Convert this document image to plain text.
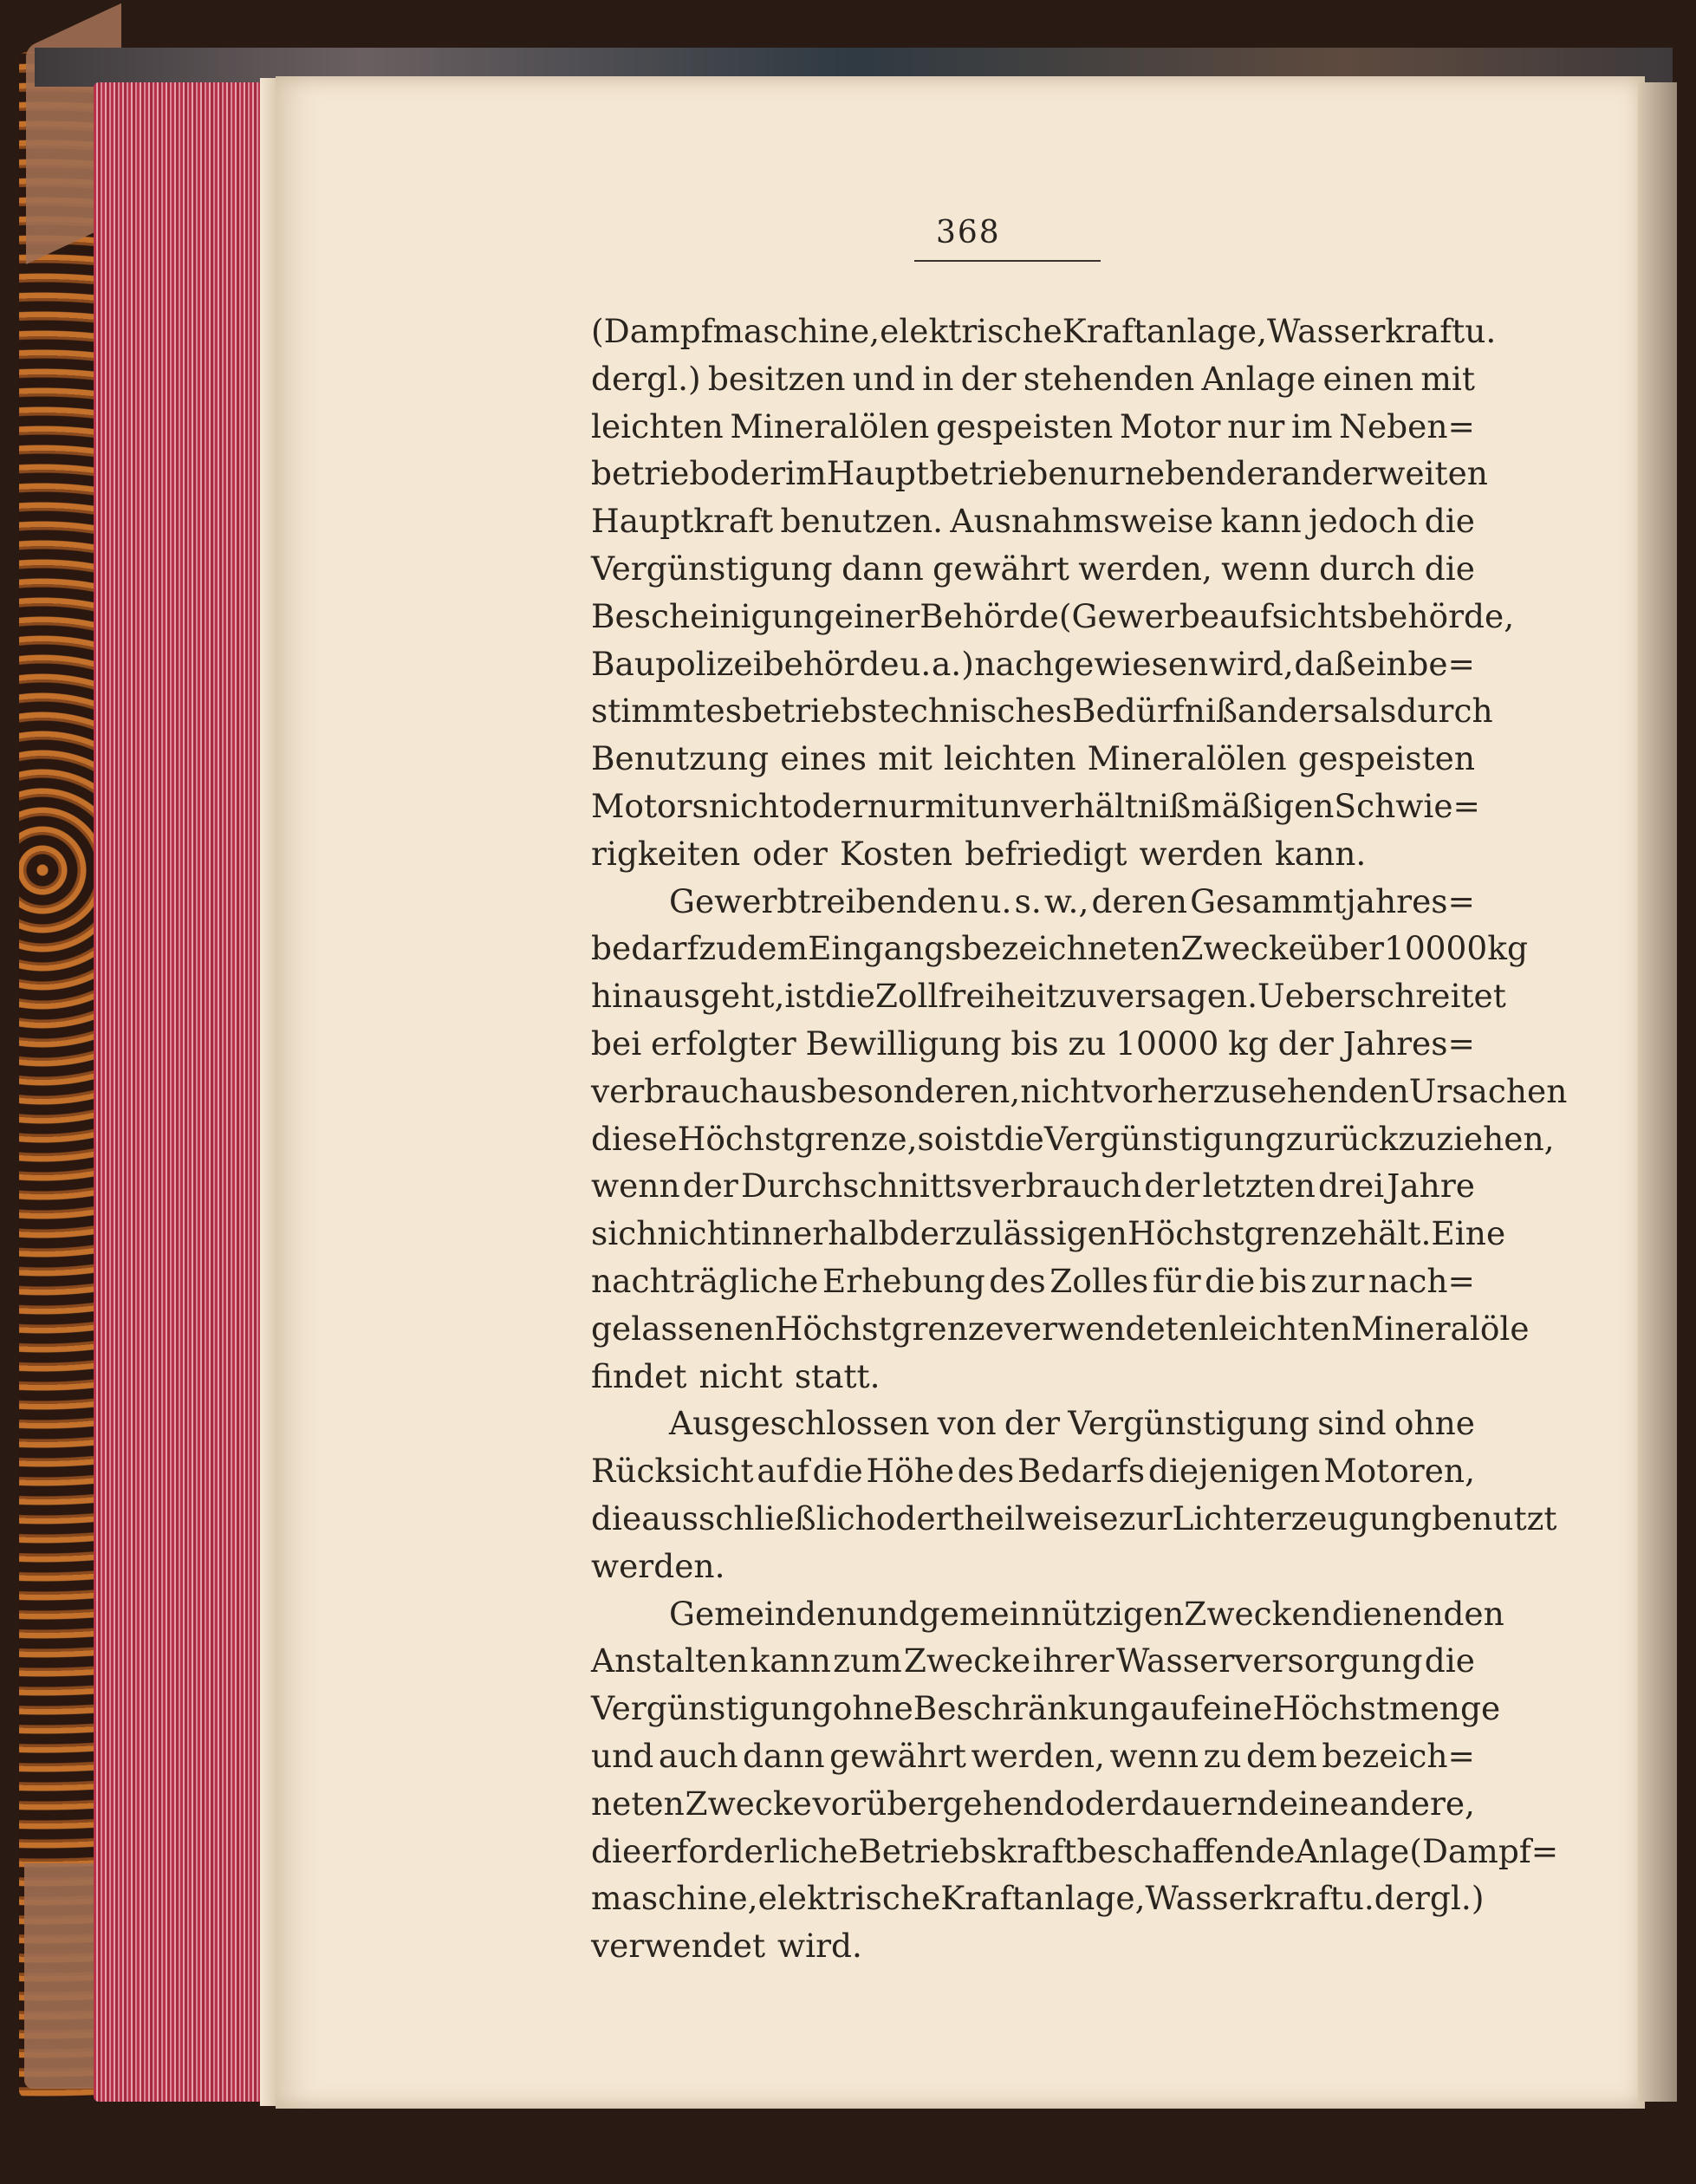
368
(Dampfmaschine, elektrische Kraftanlage, Wasserkraft u.
dergl.) besitzen und in der stehenden Anlage einen mit
leichten Mineralölen gespeisten Motor nur im Neben=
betrieb oder im Hauptbetriebe nur neben der anderweiten
Hauptkraft benutzen. Ausnahmsweise kann jedoch die
Vergünstigung dann gewährt werden, wenn durch die
Bescheinigung einer Behörde (Gewerbeaufsichtsbehörde,
Baupolizeibehörde u. a.) nachgewiesen wird, daß ein be=
stimmtes betriebstechnisches Bedürfniß anders als durch
Benutzung eines mit leichten Mineralölen gespeisten
Motors nicht oder nur mit unverhältnißmäßigen Schwie=
rigkeiten oder Kosten befriedigt werden kann.
Gewerbtreibenden u. s. w., deren Gesammtjahres=
bedarf zu dem Eingangs bezeichneten Zwecke über 10000 kg
hinausgeht, ist die Zollfreiheit zu versagen. Ueberschreitet
bei erfolgter Bewilligung bis zu 10000 kg der Jahres=
verbrauch aus besonderen, nicht vorherzusehenden Ursachen
diese Höchstgrenze, so ist die Vergünstigung zurückzuziehen,
wenn der Durchschnittsverbrauch der letzten drei Jahre
sich nicht innerhalb der zulässigen Höchstgrenze hält. Eine
nachträgliche Erhebung des Zolles für die bis zur nach=
gelassenen Höchstgrenze verwendeten leichten Mineralöle
findet nicht statt.
Ausgeschlossen von der Vergünstigung sind ohne
Rücksicht auf die Höhe des Bedarfs diejenigen Motoren,
die ausschließlich oder theilweise zur Lichterzeugung benutzt
werden.
Gemeinden und gemeinnützigen Zwecken dienenden
Anstalten kann zum Zwecke ihrer Wasserversorgung die
Vergünstigung ohne Beschränkung auf eine Höchstmenge
und auch dann gewährt werden, wenn zu dem bezeich=
neten Zwecke vorübergehend oder dauernd eine andere,
die erforderliche Betriebskraft beschaffende Anlage (Dampf=
maschine, elektrische Kraftanlage, Wasserkraft u. dergl.)
verwendet wird.
